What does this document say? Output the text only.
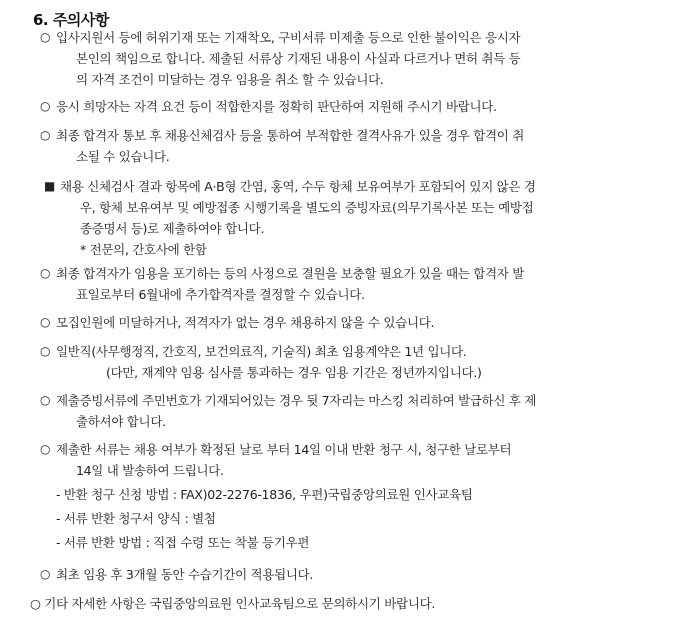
6. 주의사항
○ 입사지원서 등에 허위기재 또는 기재착오, 구비서류 미제출 등으로 인한 불이익은 응시자
본인의 책임으로 합니다. 제출된 서류상 기재된 내용이 사실과 다르거나 면허 취득 등
의 자격 조건이 미달하는 경우 임용을 취소 할 수 있습니다.
○ 응시 희망자는 자격 요건 등이 적합한지를 정확히 판단하여 지원해 주시기 바랍니다.
○ 최종 합격자 통보 후 채용신체검사 등을 통하여 부적합한 결격사유가 있을 경우 합격이 취
소될 수 있습니다.
■ 채용 신체검사 결과 항목에 A·B형 간염, 홍역, 수두 항체 보유여부가 포함되어 있지 않은 경
우, 항체 보유여부 및 예방접종 시행기록을 별도의 증빙자료(의무기록사본 또는 예방접
종증명서 등)로 제출하여야 합니다.
* 전문의, 간호사에 한함
○ 최종 합격자가 임용을 포기하는 등의 사정으로 결원을 보충할 필요가 있을 때는 합격자 발
표일로부터 6월내에 추가합격자를 결정할 수 있습니다.
○ 모집인원에 미달하거나, 적격자가 없는 경우 채용하지 않을 수 있습니다.
○ 일반직(사무행정직, 간호직, 보건의료직, 기술직) 최초 임용계약은 1년 입니다.
(다만, 재계약 임용 심사를 통과하는 경우 임용 기간은 정년까지입니다.)
○ 제출증빙서류에 주민번호가 기재되어있는 경우 뒷 7자리는 마스킹 처리하여 발급하신 후 제
출하셔야 합니다.
○ 제출한 서류는 채용 여부가 확정된 날로 부터 14일 이내 반환 청구 시, 청구한 날로부터
14일 내 발송하여 드립니다.
- 반환 청구 신청 방법 : FAX)02-2276-1836, 우편)국립중앙의료원 인사교육팀
- 서류 반환 청구서 양식 : 별첨
- 서류 반환 방법 : 직접 수령 또는 착불 등기우편
○ 최초 임용 후 3개월 동안 수습기간이 적용됩니다.
○ 기타 자세한 사항은 국립중앙의료원 인사교육팀으로 문의하시기 바랍니다.
